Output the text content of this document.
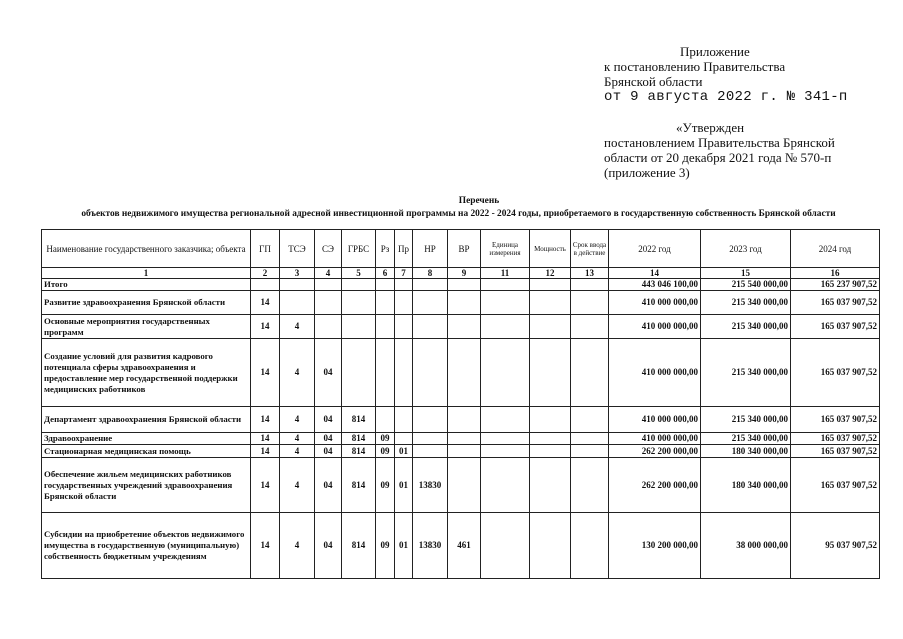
Приложение
к постановлению Правительства
Брянской области
от 9 августа 2022 г. № 341-п
«Утвержден
постановлением Правительства Брянской
области от 20 декабря 2021 года № 570-п
(приложение 3)
Перечень
объектов недвижимого имущества региональной адресной инвестиционной программы на 2022 - 2024 годы, приобретаемого в государственную собственность Брянской области
Наименование государственного заказчика; объекта	ГП	ТСЭ	СЭ	ГРБС	Рз	Пр	НР	ВР	Единица измерения	Мощность	Срок ввода в действие	2022 год	2023 год	2024 год
1	2	3	4	5	6	7	8	9	11	12	13	14	15	16
Итого												443 046 100,00	215 540 000,00	165 237 907,52
Развитие здравоохранения Брянской области	14											410 000 000,00	215 340 000,00	165 037 907,52
Основные мероприятия государственных программ	14	4										410 000 000,00	215 340 000,00	165 037 907,52
Создание условий для развития кадрового потенциала сферы здравоохранения и предоставление мер государственной поддержки медицинских работников	14	4	04									410 000 000,00	215 340 000,00	165 037 907,52
Департамент здравоохранения Брянской области	14	4	04	814								410 000 000,00	215 340 000,00	165 037 907,52
Здравоохранение	14	4	04	814	09							410 000 000,00	215 340 000,00	165 037 907,52
Стационарная медицинская помощь	14	4	04	814	09	01						262 200 000,00	180 340 000,00	165 037 907,52
Обеспечение жильем медицинских работников государственных учреждений здравоохранения Брянской области	14	4	04	814	09	01	13830					262 200 000,00	180 340 000,00	165 037 907,52
Субсидии на приобретение объектов недвижимого имущества в государственную (муниципальную) собственность бюджетным учреждениям	14	4	04	814	09	01	13830	461				130 200 000,00	38 000 000,00	95 037 907,52
